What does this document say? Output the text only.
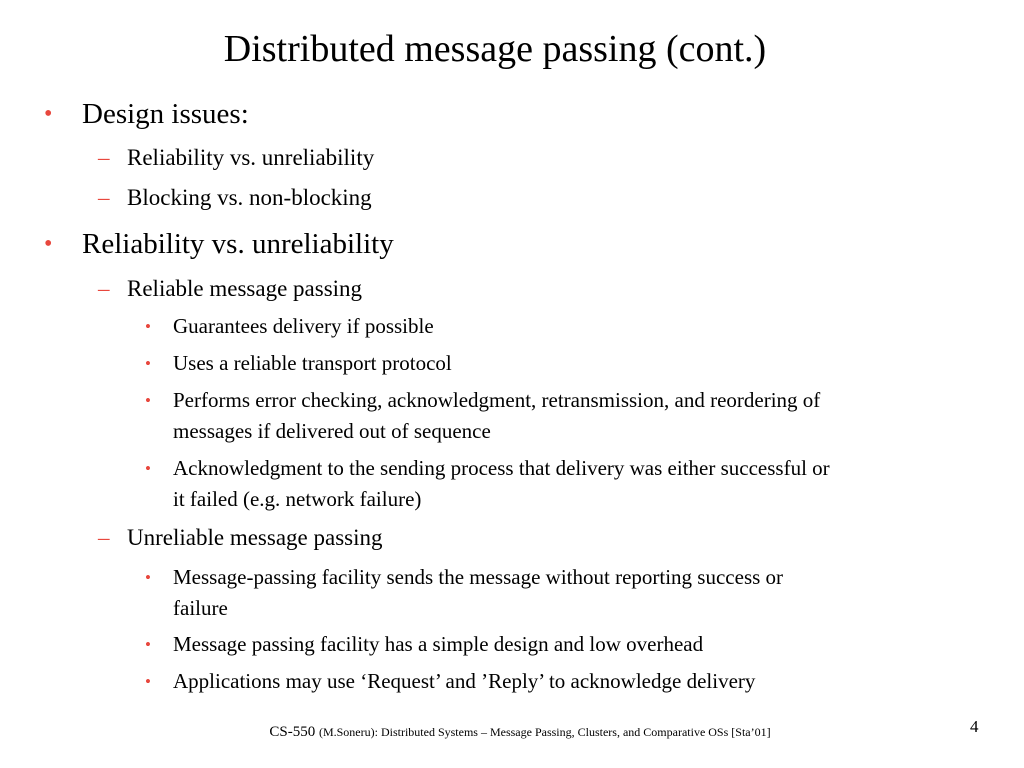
Distributed message passing (cont.)
• Design issues:
– Reliability vs. unreliability
– Blocking vs. non-blocking
• Reliability vs. unreliability
– Reliable message passing
• Guarantees delivery if possible
• Uses a reliable transport protocol
• Performs error checking, acknowledgment, retransmission, and reordering of
messages if delivered out of sequence
• Acknowledgment to the sending process that delivery was either successful or
it failed (e.g. network failure)
– Unreliable message passing
• Message-passing facility sends the message without reporting success or
failure
• Message passing facility has a simple design and low overhead
• Applications may use ‘Request’ and ’Reply’ to acknowledge delivery
CS-550 (M.Soneru): Distributed Systems – Message Passing, Clusters, and Comparative OSs [Sta’01]	4
